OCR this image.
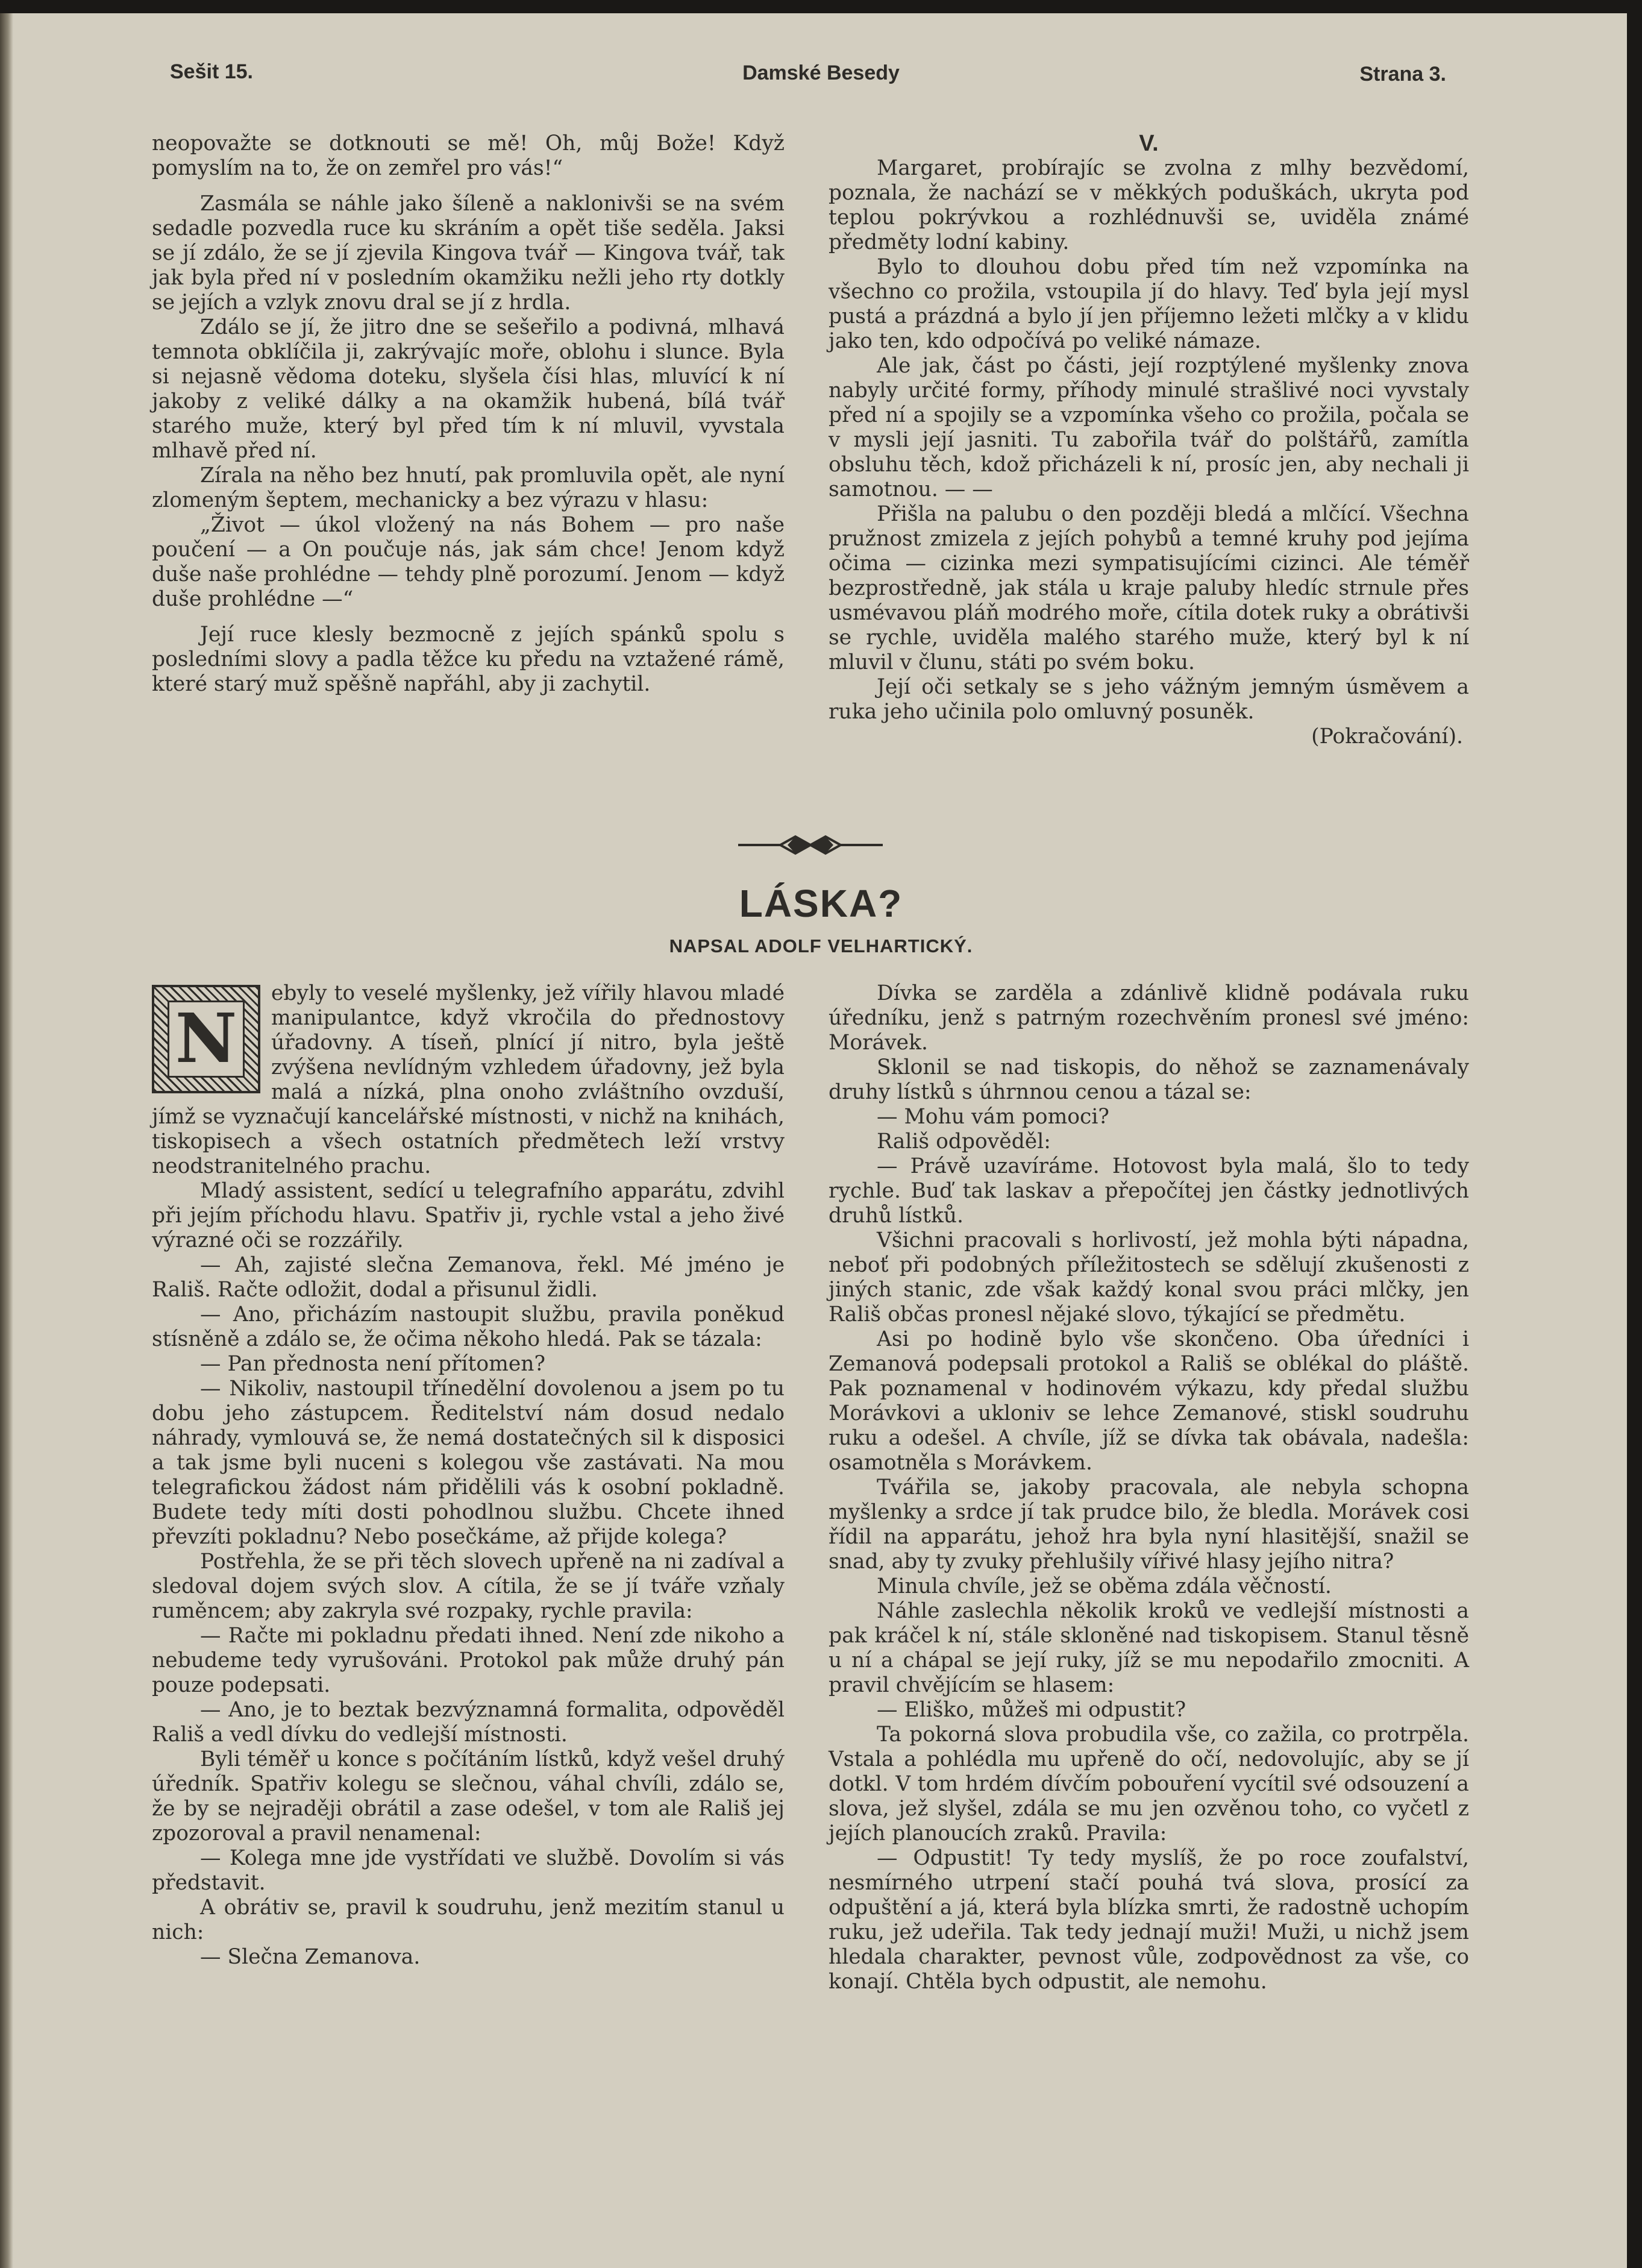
Sešit 15.	Damské Besedy	Strana 3.

neopovažte se dotknouti se mě! Oh, můj Bože! Když pomyslím na to, že on zemřel pro vás!“

Zasmála se náhle jako šíleně a naklonivši se na svém sedadle pozvedla ruce ku skráním a opět tiše seděla. Jaksi se jí zdálo, že se jí zjevila Kingova tvář — Kingova tvář, tak jak byla před ní v posledním okamžiku nežli jeho rty dotkly se jejích a vzlyk znovu dral se jí z hrdla.

Zdálo se jí, že jitro dne se sešeřilo a podivná, mlhavá temnota obklíčila ji, zakrývajíc moře, oblohu i slunce. Byla si nejasně vědoma doteku, slyšela čísi hlas, mluvící k ní jakoby z veliké dálky a na okamžik hubená, bílá tvář starého muže, který byl před tím k ní mluvil, vyvstala mlhavě před ní.

Zírala na něho bez hnutí, pak promluvila opět, ale nyní zlomeným šeptem, mechanicky a bez výrazu v hlasu:

„Život — úkol vložený na nás Bohem — pro naše poučení — a On poučuje nás, jak sám chce! Jenom když duše naše prohlédne — tehdy plně porozumí. Jenom — když duše prohlédne —“

Její ruce klesly bezmocně z jejích spánků spolu s posledními slovy a padla těžce ku předu na vztažené rámě, které starý muž spěšně napřáhl, aby ji zachytil.

V.

Margaret, probírajíc se zvolna z mlhy bezvědomí, poznala, že nachází se v měkkých poduškách, ukryta pod teplou pokrývkou a rozhlédnuvši se, uviděla známé předměty lodní kabiny.

Bylo to dlouhou dobu před tím než vzpomínka na všechno co prožila, vstoupila jí do hlavy. Teď byla její mysl pustá a prázdná a bylo jí jen příjemno ležeti mlčky a v klidu jako ten, kdo odpočívá po veliké námaze.

Ale jak, část po části, její rozptýlené myšlenky znova nabyly určité formy, příhody minulé strašlivé noci vyvstaly před ní a spojily se a vzpomínka všeho co prožila, počala se v mysli její jasniti. Tu zabořila tvář do polštářů, zamítla obsluhu těch, kdož přicházeli k ní, prosíc jen, aby nechali ji samotnou. — —

Přišla na palubu o den později bledá a mlčící. Všechna pružnost zmizela z jejích pohybů a temné kruhy pod jejíma očima — cizinka mezi sympatisujícími cizinci. Ale téměř bezprostředně, jak stála u kraje paluby hledíc strnule přes usmévavou pláň modrého moře, cítila dotek ruky a obrátivši se rychle, uviděla malého starého muže, který byl k ní mluvil v člunu, státi po svém boku.

Její oči setkaly se s jeho vážným jemným úsměvem a ruka jeho učinila polo omluvný posuněk.

(Pokračování).

LÁSKA?
NAPSAL ADOLF VELHARTICKÝ.
N

ebyly to veselé myšlenky, jež vířily hlavou mladé manipulantce, když vkročila do přednostovy úřadovny. A tíseň, plnící jí nitro, byla ještě zvýšena nevlídným vzhledem úřadovny, jež byla malá a nízká, plna onoho zvláštního ovzduší, jímž se vyznačují kancelářské místnosti, v nichž na knihách, tiskopisech a všech ostatních předmětech leží vrstvy neodstranitelného prachu.

Mladý assistent, sedící u telegrafního apparátu, zdvihl při jejím příchodu hlavu. Spatřiv ji, rychle vstal a jeho živé výrazné oči se rozzářily.

— Ah, zajisté slečna Zemanova, řekl. Mé jméno je Rališ. Račte odložit, dodal a přisunul židli.

— Ano, přicházím nastoupit službu, pravila poněkud stísněně a zdálo se, že očima někoho hledá. Pak se tázala:

— Pan přednosta není přítomen?

— Nikoliv, nastoupil třínedělní dovolenou a jsem po tu dobu jeho zástupcem. Ředitelství nám dosud nedalo náhrady, vymlouvá se, že nemá dostatečných sil k disposici a tak jsme byli nuceni s kolegou vše zastávati. Na mou telegrafickou žádost nám přidělili vás k osobní pokladně. Budete tedy míti dosti pohodlnou službu. Chcete ihned převzíti pokladnu? Nebo posečkáme, až přijde kolega?

Postřehla, že se při těch slovech upřeně na ni zadíval a sledoval dojem svých slov. A cítila, že se jí tváře vzňaly ruměncem; aby zakryla své rozpaky, rychle pravila:

— Račte mi pokladnu předati ihned. Není zde nikoho a nebudeme tedy vyrušováni. Protokol pak může druhý pán pouze podepsati.

— Ano, je to beztak bezvýznamná formalita, odpověděl Rališ a vedl dívku do vedlejší místnosti.

Byli téměř u konce s počítáním lístků, když vešel druhý úředník. Spatřiv kolegu se slečnou, váhal chvíli, zdálo se, že by se nejraději obrátil a zase odešel, v tom ale Rališ jej zpozoroval a pravil nenamenal:

— Kolega mne jde vystřídati ve službě. Dovolím si vás představit.

A obrátiv se, pravil k soudruhu, jenž mezitím stanul u nich:

— Slečna Zemanova.

Dívka se zarděla a zdánlivě klidně podávala ruku úředníku, jenž s patrným rozechvěním pronesl své jméno: Morávek.

Sklonil se nad tiskopis, do něhož se zaznamenávaly druhy lístků s úhrnnou cenou a tázal se:

— Mohu vám pomoci?

Rališ odpověděl:

— Právě uzavíráme. Hotovost byla malá, šlo to tedy rychle. Buď tak laskav a přepočítej jen částky jednotlivých druhů lístků.

Všichni pracovali s horlivostí, jež mohla býti nápadna, neboť při podobných příležitostech se sdělují zkušenosti z jiných stanic, zde však každý konal svou práci mlčky, jen Rališ občas pronesl nějaké slovo, týkající se předmětu.

Asi po hodině bylo vše skončeno. Oba úředníci i Zemanová podepsali protokol a Rališ se oblékal do pláště. Pak poznamenal v hodinovém výkazu, kdy předal službu Morávkovi a ukloniv se lehce Zemanové, stiskl soudruhu ruku a odešel. A chvíle, jíž se dívka tak obávala, nadešla: osamotněla s Morávkem.

Tvářila se, jakoby pracovala, ale nebyla schopna myšlenky a srdce jí tak prudce bilo, že bledla. Morávek cosi řídil na apparátu, jehož hra byla nyní hlasitější, snažil se snad, aby ty zvuky přehlušily vířivé hlasy jejího nitra?

Minula chvíle, jež se oběma zdála věčností.

Náhle zaslechla několik kroků ve vedlejší místnosti a pak kráčel k ní, stále skloněné nad tiskopisem. Stanul těsně u ní a chápal se její ruky, jíž se mu nepodařilo zmocniti. A pravil chvějícím se hlasem:

— Eliško, můžeš mi odpustit?

Ta pokorná slova probudila vše, co zažila, co protrpěla. Vstala a pohlédla mu upřeně do očí, nedovolujíc, aby se jí dotkl. V tom hrdém dívčím pobouření vycítil své odsouzení a slova, jež slyšel, zdála se mu jen ozvěnou toho, co vyčetl z jejích planoucích zraků. Pravila:

— Odpustit! Ty tedy myslíš, že po roce zoufalství, nesmírného utrpení stačí pouhá tvá slova, prosící za odpuštění a já, která byla blízka smrti, že radostně uchopím ruku, jež udeřila. Tak tedy jednají muži! Muži, u nichž jsem hledala charakter, pevnost vůle, zodpovědnost za vše, co konají. Chtěla bych odpustit, ale nemohu.
